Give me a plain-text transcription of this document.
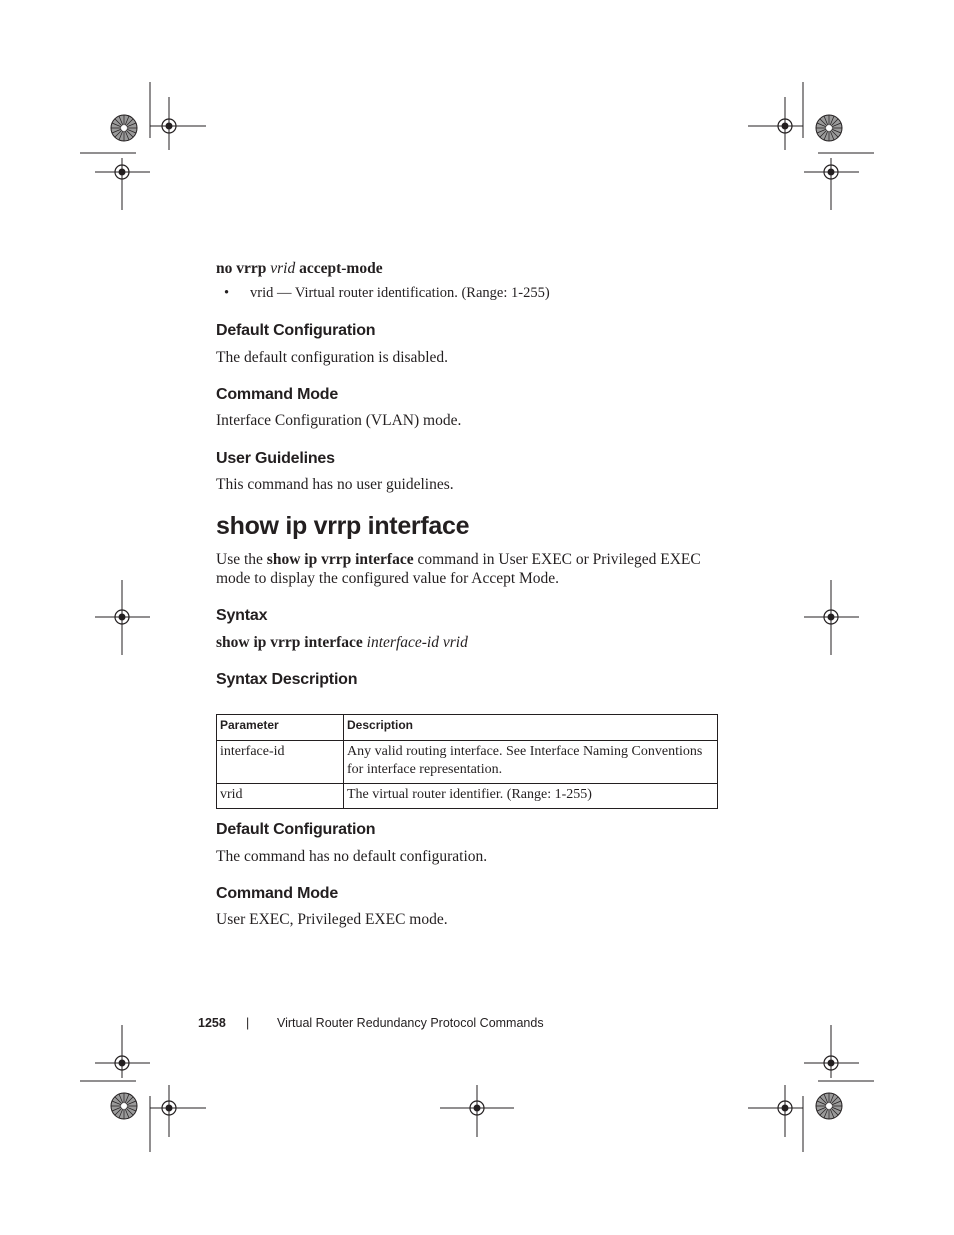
no vrrp vrid accept-mode
• vrid — Virtual router identification. (Range: 1-255)
Default Configuration
The default configuration is disabled.
Command Mode
Interface Configuration (VLAN) mode.
User Guidelines
This command has no user guidelines.
show ip vrrp interface
Use the show ip vrrp interface command in User EXEC or Privileged EXEC
mode to display the configured value for Accept Mode.
Syntax
show ip vrrp interface interface-id vrid
Syntax Description
Parameter	Description
interface-id	Any valid routing interface. See Interface Naming Conventions for interface representation.
vrid	The virtual router identifier. (Range: 1-255)
Default Configuration
The command has no default configuration.
Command Mode
User EXEC, Privileged EXEC mode.
1258 | Virtual Router Redundancy Protocol Commands
